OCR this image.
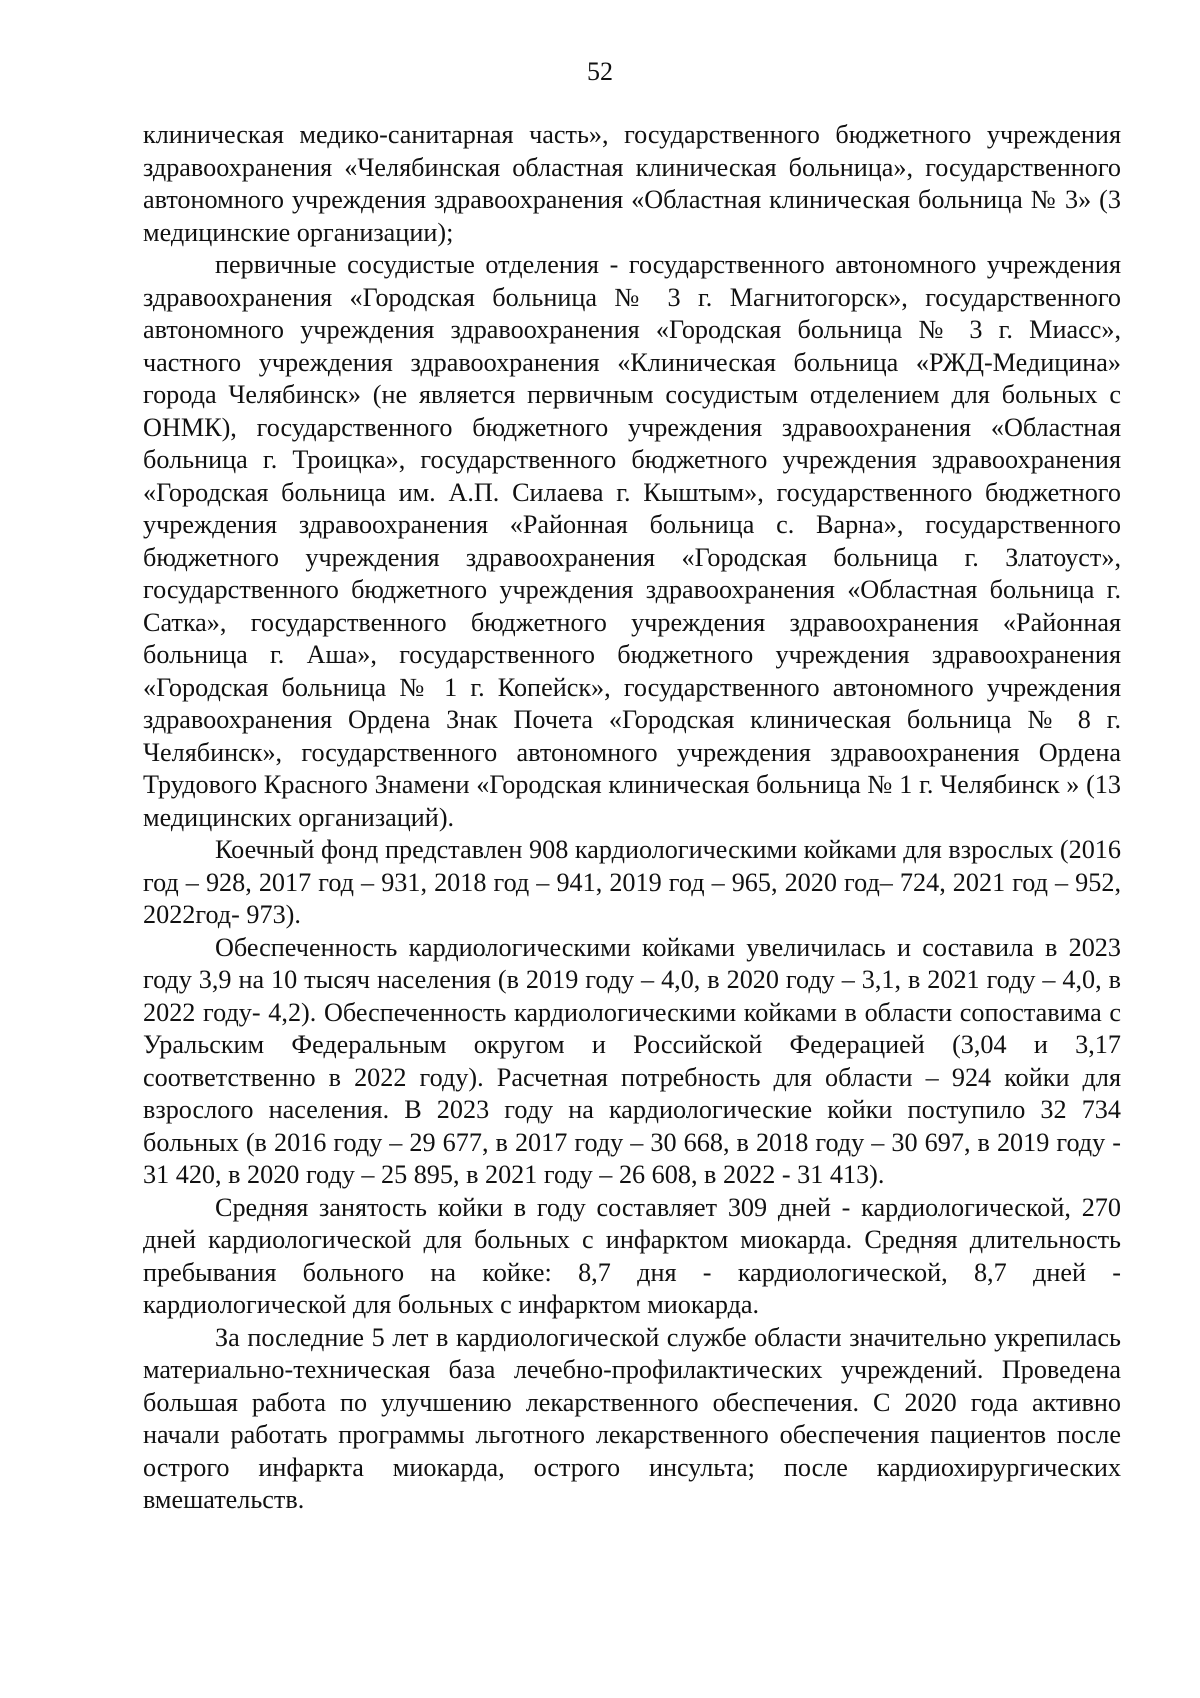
52

клиническая медико-санитарная часть», государственного бюджетного учреждения здравоохранения «Челябинская областная клиническая больница», государственного автономного учреждения здравоохранения «Областная клиническая больница № 3» (3 медицинские организации);

первичные сосудистые отделения - государственного автономного учреждения здравоохранения «Городская больница № 3 г. Магнитогорск», государственного автономного учреждения здравоохранения «Городская больница № 3 г. Миасс», частного учреждения здравоохранения «Клиническая больница «РЖД-Медицина» города Челябинск» (не является первичным сосудистым отделением для больных с ОНМК), государственного бюджетного учреждения здравоохранения «Областная больница г. Троицка», государственного бюджетного учреждения здравоохранения «Городская больница им. А.П. Силаева г. Кыштым», государственного бюджетного учреждения здравоохранения «Районная больница с. Варна», государственного бюджетного учреждения здравоохранения «Городская больница г. Златоуст», государственного бюджетного учреждения здравоохранения «Областная больница г. Сатка», государственного бюджетного учреждения здравоохранения «Районная больница г. Аша», государственного бюджетного учреждения здравоохранения «Городская больница № 1 г. Копейск», государственного автономного учреждения здравоохранения Ордена Знак Почета «Городская клиническая больница № 8 г. Челябинск», государственного автономного учреждения здравоохранения Ордена Трудового Красного Знамени «Городская клиническая больница № 1 г. Челябинск » (13 медицинских организаций).

Коечный фонд представлен 908 кардиологическими койками для взрослых (2016 год – 928, 2017 год – 931, 2018 год – 941, 2019 год – 965, 2020 год– 724, 2021 год – 952, 2022год- 973).

Обеспеченность кардиологическими койками увеличилась и составила в 2023 году 3,9 на 10 тысяч населения (в 2019 году – 4,0, в 2020 году – 3,1, в 2021 году – 4,0, в 2022 году- 4,2). Обеспеченность кардиологическими койками в области сопоставима с Уральским Федеральным округом и Российской Федерацией (3,04 и 3,17 соответственно в 2022 году). Расчетная потребность для области – 924 койки для взрослого населения. В 2023 году на кардиологические койки поступило 32 734 больных (в 2016 году – 29 677, в 2017 году – 30 668, в 2018 году – 30 697, в 2019 году - 31 420, в 2020 году – 25 895, в 2021 году – 26 608, в 2022 - 31 413).

Средняя занятость койки в году составляет 309 дней - кардиологической, 270 дней кардиологической для больных с инфарктом миокарда. Средняя длительность пребывания больного на койке: 8,7 дня - кардиологической, 8,7 дней - кардиологической для больных с инфарктом миокарда.

За последние 5 лет в кардиологической службе области значительно укрепилась материально-техническая база лечебно-профилактических учреждений. Проведена большая работа по улучшению лекарственного обеспечения. С 2020 года активно начали работать программы льготного лекарственного обеспечения пациентов после острого инфаркта миокарда, острого инсульта; после кардиохирургических вмешательств.
